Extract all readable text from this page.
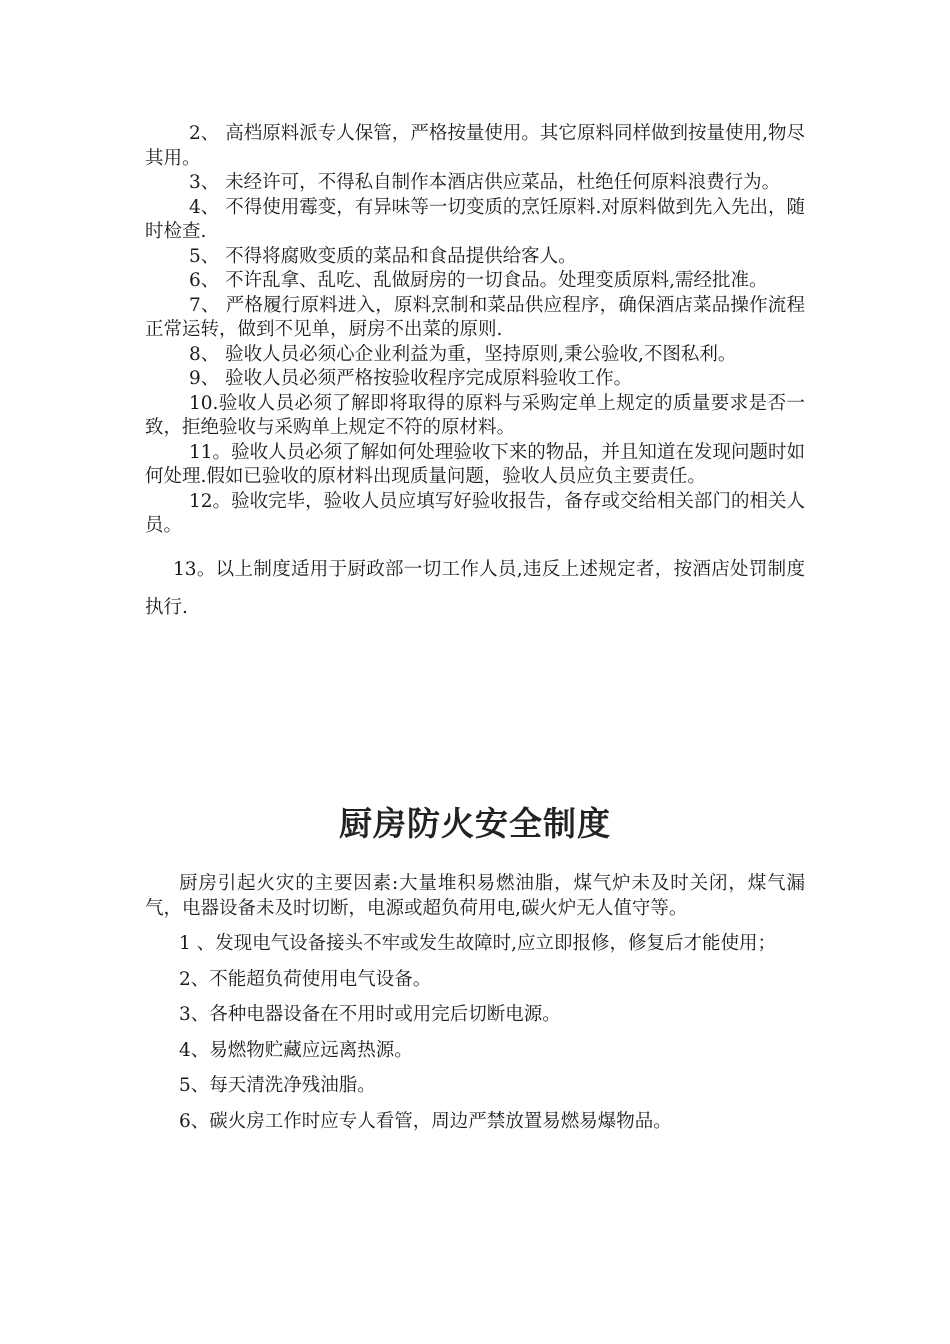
2、 高档原料派专人保管，严格按量使用。其它原料同样做到按量使用,物尽其用。

3、 未经许可，不得私自制作本酒店供应菜品，杜绝任何原料浪费行为。

4、 不得使用霉变，有异味等一切变质的烹饪原料.对原料做到先入先出，随时检查.

5、 不得将腐败变质的菜品和食品提供给客人。

6、 不许乱拿、乱吃、乱做厨房的一切食品。处理变质原料,需经批准。

7、 严格履行原料进入，原料烹制和菜品供应程序，确保酒店菜品操作流程正常运转，做到不见单，厨房不出菜的原则.

8、 验收人员必须心企业利益为重，坚持原则,秉公验收,不图私利。

9、 验收人员必须严格按验收程序完成原料验收工作。

10.验收人员必须了解即将取得的原料与采购定单上规定的质量要求是否一致，拒绝验收与采购单上规定不符的原材料。

11。验收人员必须了解如何处理验收下来的物品，并且知道在发现问题时如何处理.假如已验收的原材料出现质量问题，验收人员应负主要责任。

12。验收完毕，验收人员应填写好验收报告，备存或交给相关部门的相关人员。

13。以上制度适用于厨政部一切工作人员,违反上述规定者，按酒店处罚制度执行.

厨房防火安全制度

厨房引起火灾的主要因素:大量堆积易燃油脂，煤气炉未及时关闭，煤气漏气，电器设备未及时切断，电源或超负荷用电,碳火炉无人值守等。

1 、发现电气设备接头不牢或发生故障时,应立即报修，修复后才能使用；

2、不能超负荷使用电气设备。

3、各种电器设备在不用时或用完后切断电源。

4、易燃物贮藏应远离热源。

5、每天清洗净残油脂。

6、碳火房工作时应专人看管，周边严禁放置易燃易爆物品。
